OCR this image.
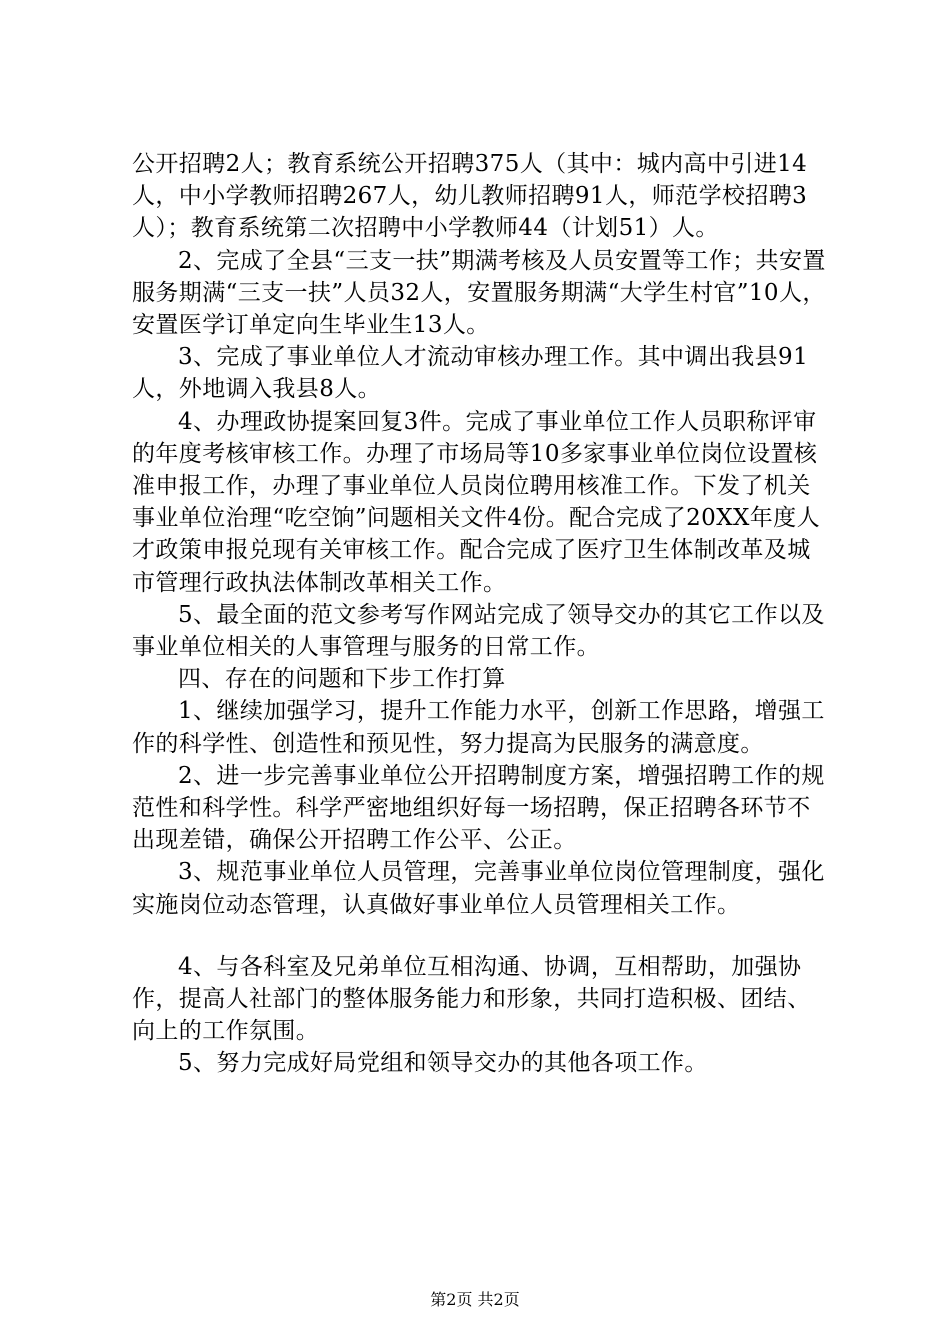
公开招聘2人；教育系统公开招聘375人（其中：城内高中引进14人，中小学教师招聘267人，幼儿教师招聘91人，师范学校招聘3人）；教育系统第二次招聘中小学教师44（计划51）人。

2、完成了全县“三支一扶”期满考核及人员安置等工作；共安置服务期满“三支一扶”人员32人，安置服务期满“大学生村官”10人，安置医学订单定向生毕业生13人。

3、完成了事业单位人才流动审核办理工作。其中调出我县91人，外地调入我县8人。

4、办理政协提案回复3件。完成了事业单位工作人员职称评审的年度考核审核工作。办理了市场局等10多家事业单位岗位设置核准申报工作，办理了事业单位人员岗位聘用核准工作。下发了机关事业单位治理“吃空饷”问题相关文件4份。配合完成了20XX年度人才政策申报兑现有关审核工作。配合完成了医疗卫生体制改革及城市管理行政执法体制改革相关工作。

5、最全面的范文参考写作网站完成了领导交办的其它工作以及事业单位相关的人事管理与服务的日常工作。

四、存在的问题和下步工作打算

1、继续加强学习，提升工作能力水平，创新工作思路，增强工作的科学性、创造性和预见性，努力提高为民服务的满意度。

2、进一步完善事业单位公开招聘制度方案，增强招聘工作的规范性和科学性。科学严密地组织好每一场招聘，保正招聘各环节不出现差错，确保公开招聘工作公平、公正。

3、规范事业单位人员管理，完善事业单位岗位管理制度，强化实施岗位动态管理，认真做好事业单位人员管理相关工作。

4、与各科室及兄弟单位互相沟通、协调，互相帮助，加强协作，提高人社部门的整体服务能力和形象，共同打造积极、团结、向上的工作氛围。

5、努力完成好局党组和领导交办的其他各项工作。

第2页 共2页
